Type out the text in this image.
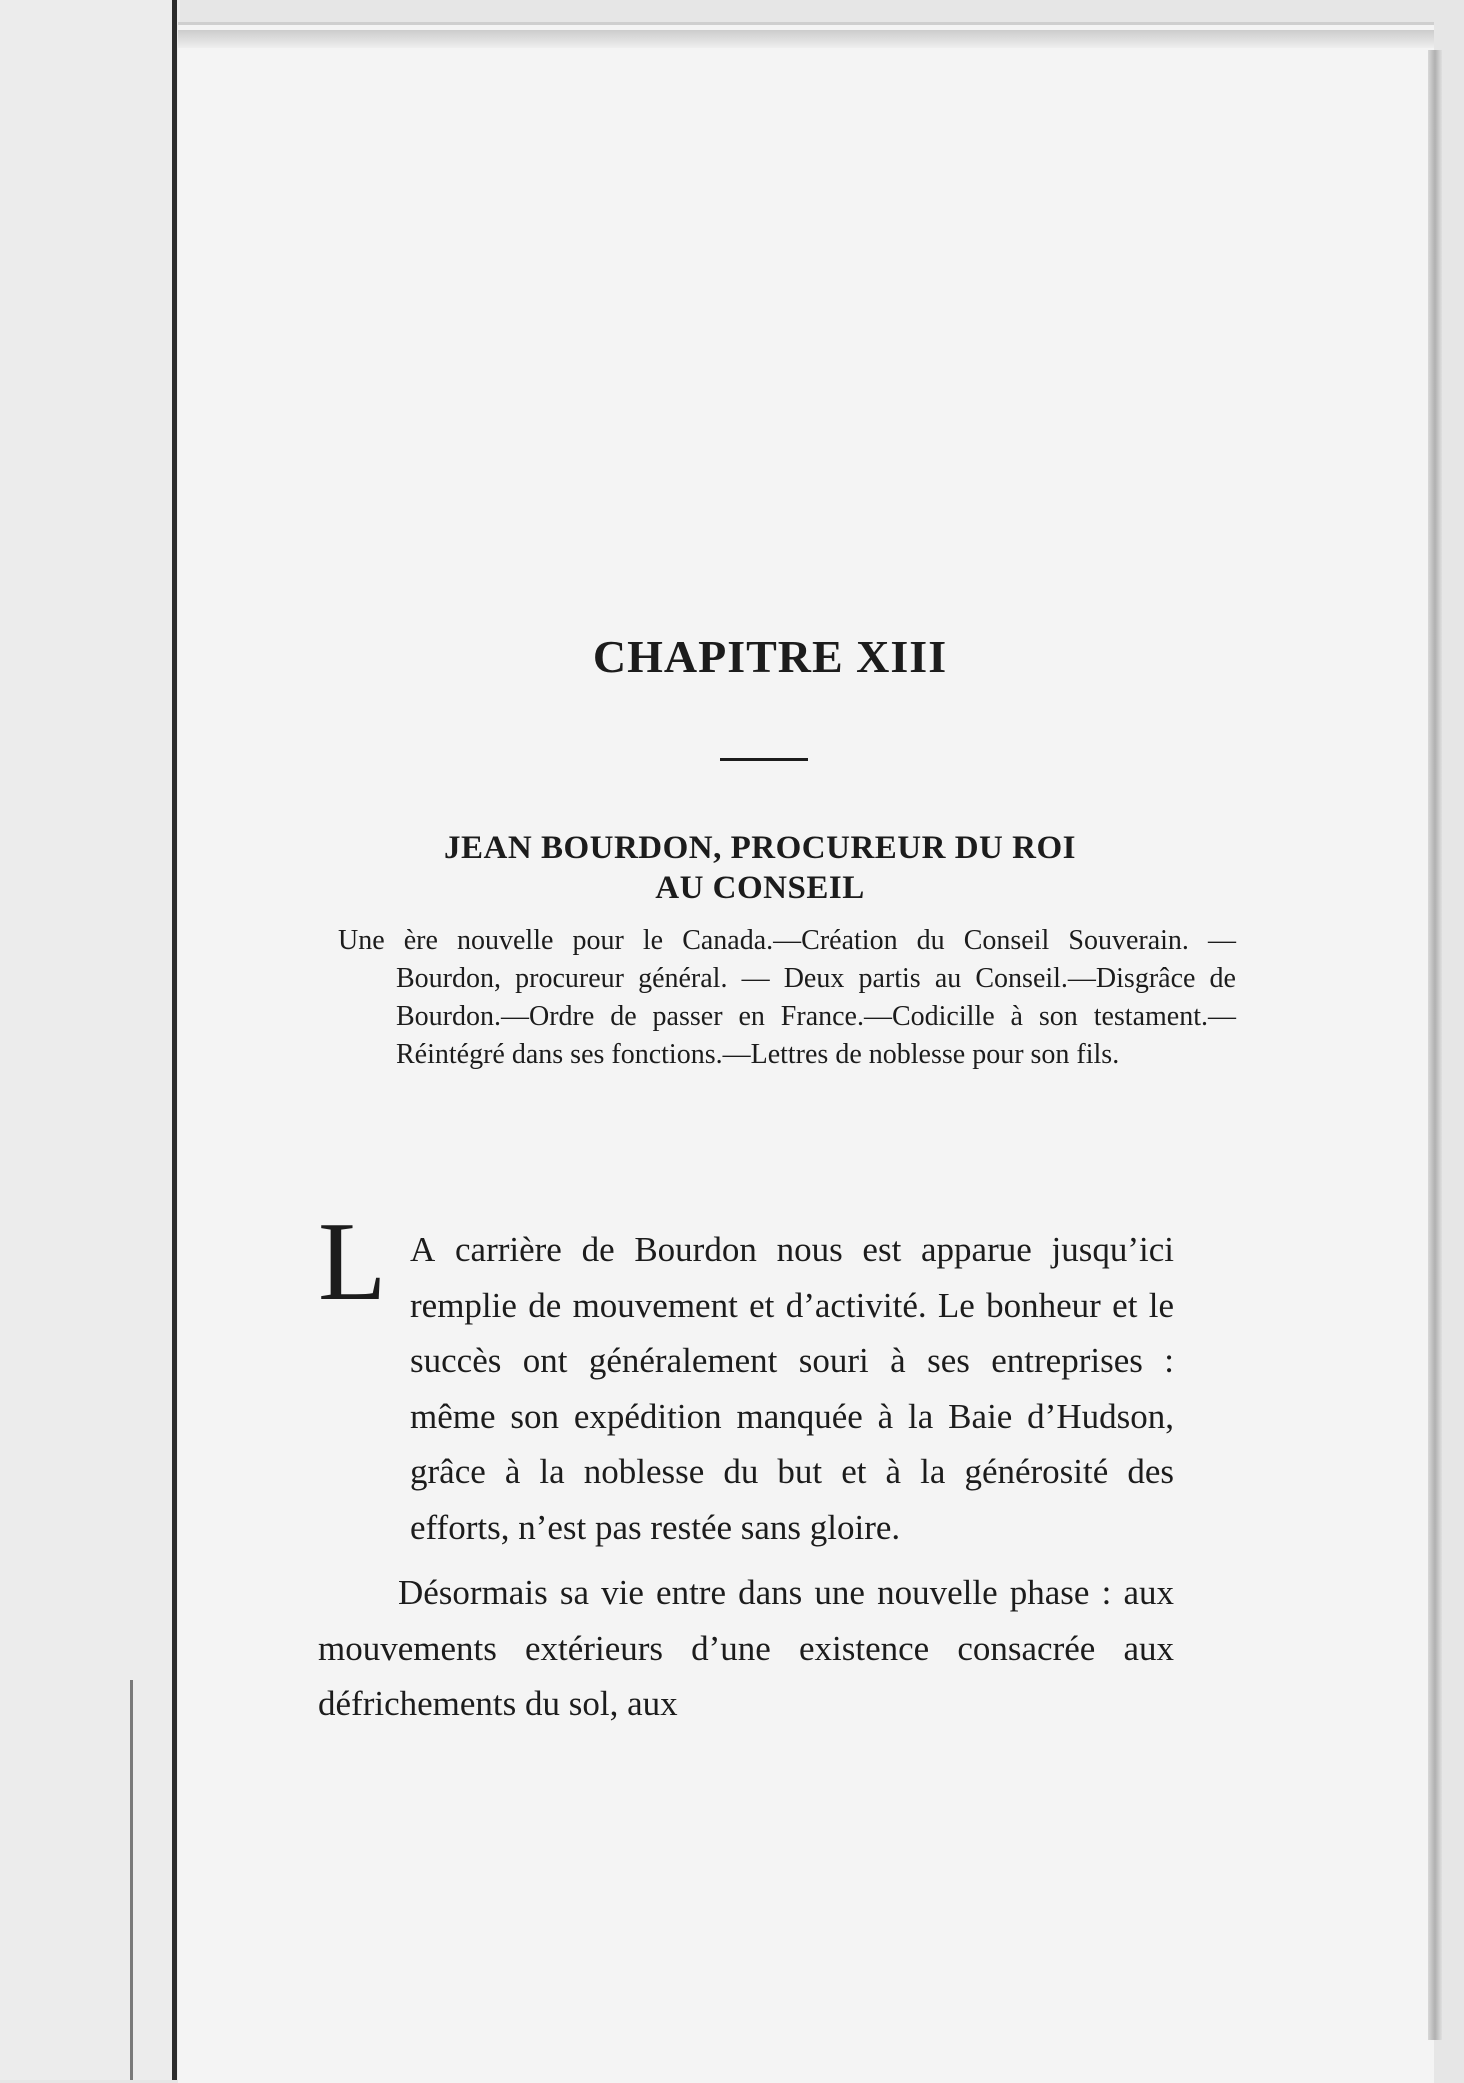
CHAPITRE XIII
JEAN BOURDON, PROCUREUR DU ROI
AU CONSEIL

Une ère nouvelle pour le Canada.—Création du Conseil Souverain. — Bourdon, procureur général. — Deux partis au Conseil.—Disgrâce de Bourdon.—Ordre de passer en France.—Codicille à son testament.—Réintégré dans ses fonctions.—Lettres de noblesse pour son fils.

L A carrière de Bourdon nous est apparue jusqu’ici remplie de mouvement et d’activité. Le bonheur et le succès ont généralement souri à ses entreprises : même son expédition manquée à la Baie d’Hudson, grâce à la noblesse du but et à la générosité des efforts, n’est pas restée sans gloire.

Désormais sa vie entre dans une nouvelle phase : aux mouvements extérieurs d’une existence consacrée aux défrichements du sol, aux
